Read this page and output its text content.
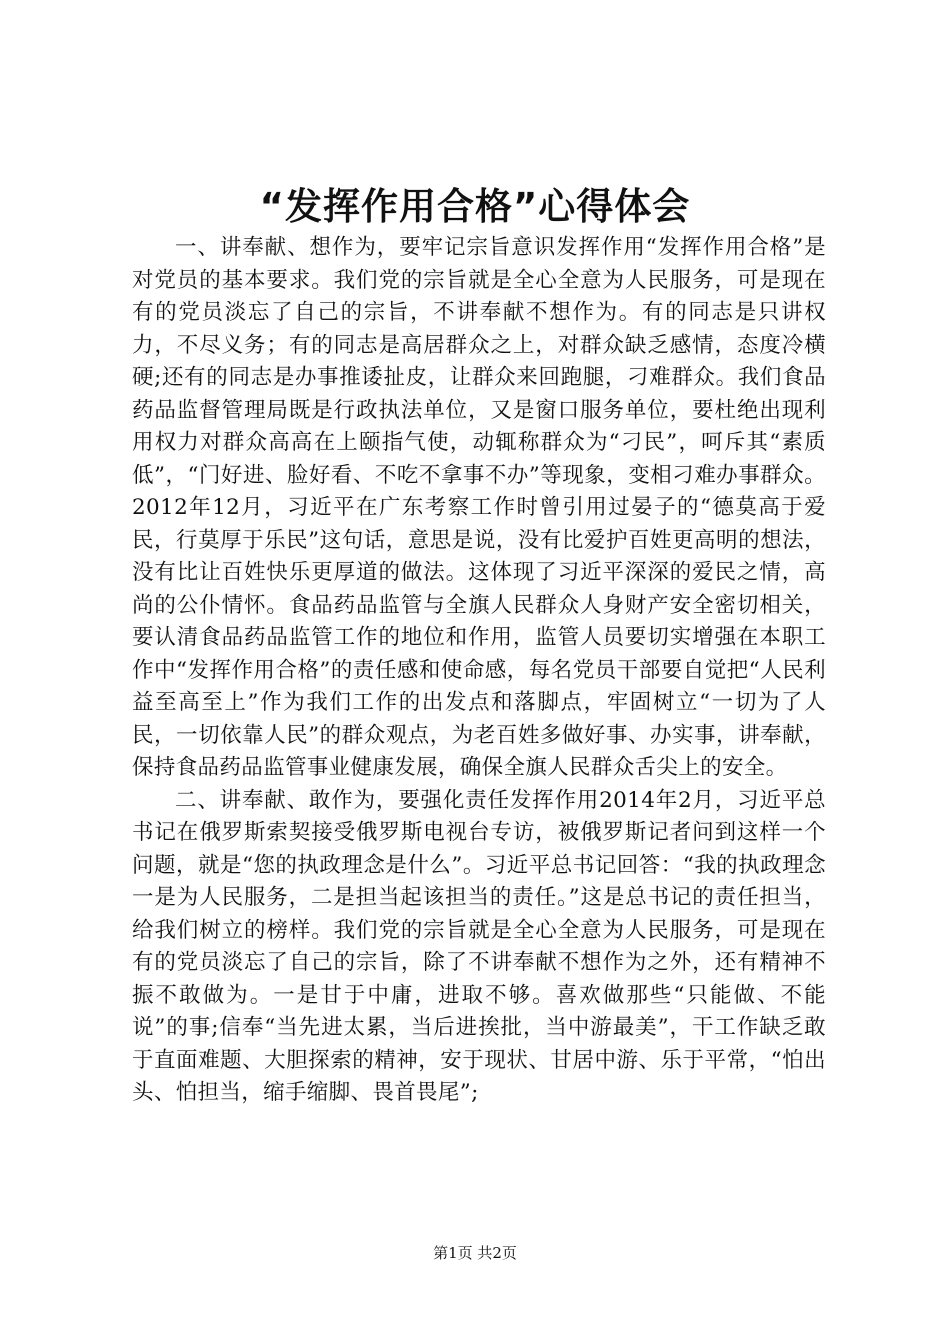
“发挥作用合格”心得体会

一、讲奉献、想作为，要牢记宗旨意识发挥作用“发挥作用合格”是对党员的基本要求。我们党的宗旨就是全心全意为人民服务，可是现在有的党员淡忘了自己的宗旨，不讲奉献不想作为。有的同志是只讲权力，不尽义务；有的同志是高居群众之上，对群众缺乏感情，态度冷横硬;还有的同志是办事推诿扯皮，让群众来回跑腿，刁难群众。我们食品药品监督管理局既是行政执法单位，又是窗口服务单位，要杜绝出现利用权力对群众高高在上颐指气使，动辄称群众为“刁民”，呵斥其“素质低”，“门好进、脸好看、不吃不拿事不办”等现象，变相刁难办事群众。2012年12月，习近平在广东考察工作时曾引用过晏子的“德莫高于爱民，行莫厚于乐民”这句话，意思是说，没有比爱护百姓更高明的想法，没有比让百姓快乐更厚道的做法。这体现了习近平深深的爱民之情，高尚的公仆情怀。食品药品监管与全旗人民群众人身财产安全密切相关，要认清食品药品监管工作的地位和作用，监管人员要切实增强在本职工作中“发挥作用合格”的责任感和使命感，每名党员干部要自觉把“人民利益至高至上”作为我们工作的出发点和落脚点，牢固树立“一切为了人民，一切依靠人民”的群众观点，为老百姓多做好事、办实事，讲奉献，保持食品药品监管事业健康发展，确保全旗人民群众舌尖上的安全。

二、讲奉献、敢作为，要强化责任发挥作用2014年2月，习近平总书记在俄罗斯索契接受俄罗斯电视台专访，被俄罗斯记者问到这样一个问题，就是“您的执政理念是什么”。习近平总书记回答：“我的执政理念一是为人民服务，二是担当起该担当的责任。”这是总书记的责任担当，给我们树立的榜样。我们党的宗旨就是全心全意为人民服务，可是现在有的党员淡忘了自己的宗旨，除了不讲奉献不想作为之外，还有精神不振不敢做为。一是甘于中庸，进取不够。喜欢做那些“只能做、不能说”的事;信奉“当先进太累，当后进挨批，当中游最美”，干工作缺乏敢于直面难题、大胆探索的精神，安于现状、甘居中游、乐于平常，“怕出头、怕担当，缩手缩脚、畏首畏尾”;

第1页 共2页
